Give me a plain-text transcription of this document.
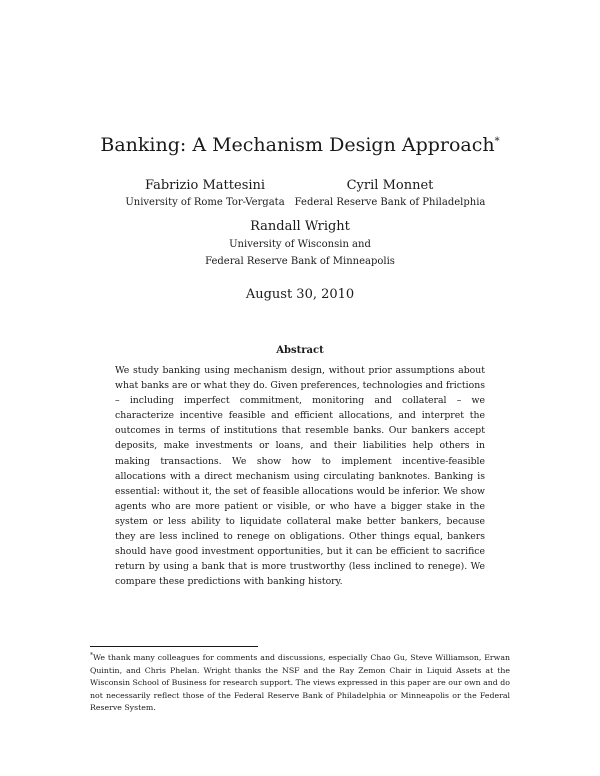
Banking: A Mechanism Design Approach*
Fabrizio Mattesini
University of Rome Tor-Vergata
Cyril Monnet
Federal Reserve Bank of Philadelphia
Randall Wright
University of Wisconsin and
Federal Reserve Bank of Minneapolis
August 30, 2010
Abstract
We study banking using mechanism design, without prior assumptions about what banks are or what they do. Given preferences, technologies and frictions – including imperfect commitment, monitoring and collateral – we characterize incentive feasible and efficient allocations, and interpret the outcomes in terms of institutions that resemble banks. Our bankers accept deposits, make investments or loans, and their liabilities help others in making transactions. We show how to implement incentive-feasible allocations with a direct mechanism using circulating banknotes. Banking is essential: without it, the set of feasible allocations would be inferior. We show agents who are more patient or visible, or who have a bigger stake in the system or less ability to liquidate collateral make better bankers, because they are less inclined to renege on obligations. Other things equal, bankers should have good investment opportunities, but it can be efficient to sacrifice return by using a bank that is more trustworthy (less inclined to renege). We compare these predictions with banking history.
*We thank many colleagues for comments and discussions, especially Chao Gu, Steve Williamson, Erwan Quintin, and Chris Phelan. Wright thanks the NSF and the Ray Zemon Chair in Liquid Assets at the Wisconsin School of Business for research support. The views expressed in this paper are our own and do not necessarily reflect those of the Federal Reserve Bank of Philadelphia or Minneapolis or the Federal Reserve System.
